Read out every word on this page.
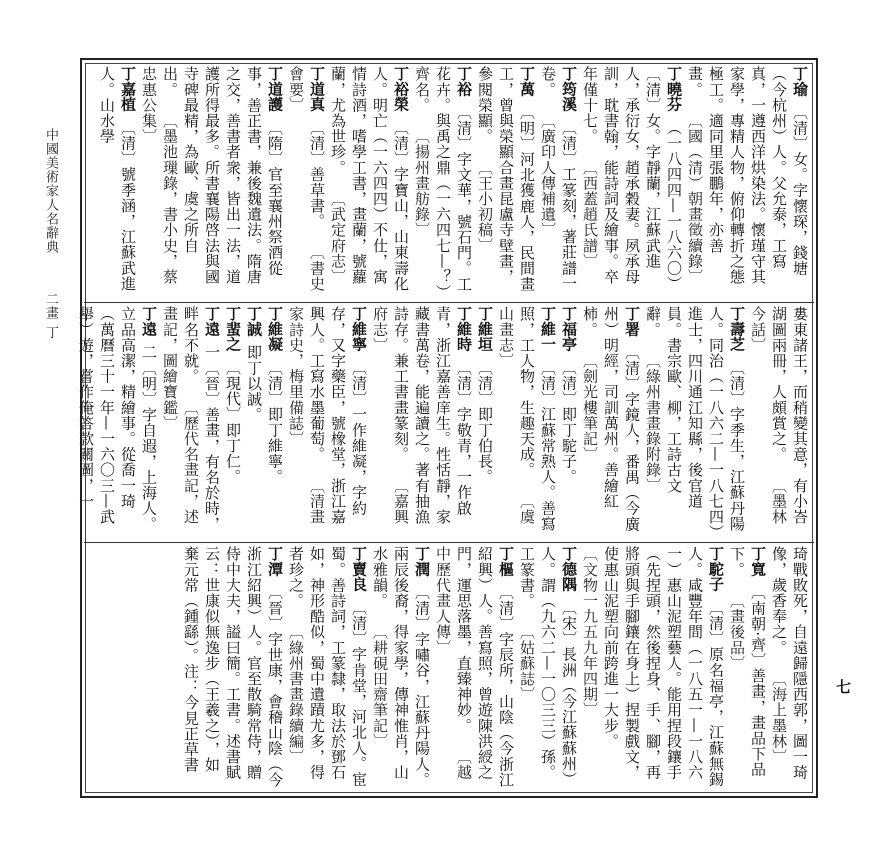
中國美術家人名辭典 　　 二畫 丁
七
丁瑜 〔清〕女。字懷琛，錢塘（今杭州）人。父允泰，工寫真，一遵西洋烘染法。懷瑾守其家學，專精人物，俯仰轉折之態極工。適同里張鵬年，亦善畫。 〔國（清）朝畫徵續錄〕
丁曉芬 （一八四四—一八六〇）〔清〕女。字靜蘭，江蘇武進人，承衍女，趙承穀妻。夙承母訓，耽書翰，能詩詞及繪事。卒年僅十七。 〔西蓋趙氏譜〕
丁筠溪 〔清〕工篆刻，著莊譜一卷。 〔廣印人傳補遺〕
丁萬 〔明〕河北獲鹿人，民間畫工，曾與榮顯合畫昆盧寺壁畫，參閱榮顯。 〔王小初稿〕
丁裕 〔清〕字文華，號石門。工花卉。與禹之鼎（一六四七—？）齊名。 〔揚州畫舫錄〕
丁裕榮 〔清〕字寶山，山東壽化人。明亡（一六四四）不仕，寓情詩酒，嗜學工書，畫蘭，號蘿蘭，尤為世珍。 〔武定府志〕
丁道真 〔清〕善草書。 〔書史會要〕
丁道護 〔隋〕官至襄州祭酒從事，善正書，兼後魏遺法。隋唐之交，善書者衆，皆出一法，道護所得最多。所書襄陽啓法與國寺碑最精，為歐、虞之所自出。 〔墨池璅錄，書小史，蔡忠惠公集〕
丁嘉植 〔清〕號季涵，江蘇武進人。山水學

婁東諸王，而稍變其意，有小峇湖圖兩冊，人頗賞之。 〔墨林今話〕
丁壽芝 〔清〕字季生，江蘇丹陽人。同治（一八六二—一八七四）進士，四川通江知縣，後官道員。書宗歐、柳，工詩古文辭。 〔綠州書畫錄附錄〕
丁署 〔清〕字鏡人，番禺（今廣州）明經，司訓萬州。善繪紅柿。 〔劍光樓筆記〕
丁福亭 〔清〕即丁駝子。
丁維一 〔清〕江蘇常熟人。善寫照，工人物，生趣天成。 〔虞山畫志〕
丁維垣 〔清〕即丁伯長。
丁維時 〔清〕字敬青，一作啟青，浙江嘉善庠生。性恬靜，家藏書萬卷，能遍讀之。著有抽漁詩存。兼工書畫篆刻。 〔嘉興府志〕
丁維寧 〔清〕一作維凝，字約存，又字藥臣，號橡堂，浙江嘉興人。工寫水墨葡萄。 〔清畫家詩史，梅里備誌〕
丁維凝 〔清〕即丁維寧。
丁誠 即丁以誠。
丁蜚之 〔現代〕即丁仁。
丁遠 一〔晉〕善畫，有名於時，畔名不就。 〔歷代名畫記，述畫記，圖繪寶鑑〕
丁遠 二〔明〕字自遐，上海人。立品高潔，精繪事。從喬一琦（萬曆三十一年—一六〇三—武舉）遊，嘗作俺答款關圖，一

琦戰敗死，自遠歸隱西郭，圖一琦像，歲香奉之。 〔海上墨林〕
丁寬 〔南朝·齊〕善畫，畫品下品下。 〔畫後品〕
丁駝子 〔清〕原名福亭，江蘇無錫人。咸豐年間（一八五一—一八六一）惠山泥塑藝人。能用捏段鑲手（先捏頭，然後捏身、手、腳，再將頭與手腳鑲在身上）捏製戲文，使惠山泥塑向前跨進一大步。 〔文物一九五九年四期〕
丁德隅 〔宋〕長洲（今江蘇蘇州）人。謂（九六二—一〇三三）孫。工篆書。 〔姑蘇誌〕
丁樞 〔清〕字辰所，山陰（今浙江紹興）人。善寫照，曾遊陳洪綬之門，運思落墨，直臻神妙。 〔越中歷代畫人傳〕
丁潤 〔清〕字嘯谷，江蘇丹陽人。兩辰後裔，得家學，傳神惟肖，山水雅韻。 〔耕硯田齋筆記〕
丁賣良 〔清〕字肯堂，河北人。宦蜀。善詩詞，工篆隸，取法於鄧石如，神形酷似，蜀中遺蹟尤多，得者珍之。 〔綠州書畫錄續編〕
丁潭 〔晉〕字世康，會稽山陰（今浙江紹興）人。官至散騎常侍，贈侍中大夫，謚曰簡。工書。述書賦云：世康似無逸步（王羲之），如棄元常（鍾繇）。注：今見正草書
